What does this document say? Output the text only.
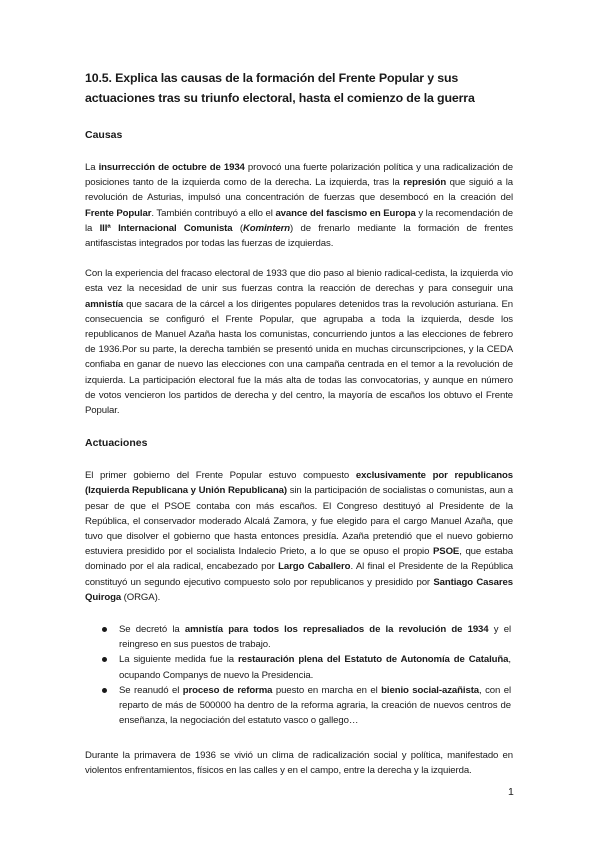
10.5. Explica las causas de la formación del Frente Popular y sus actuaciones tras su triunfo electoral, hasta el comienzo de la guerra
Causas

La insurrección de octubre de 1934 provocó una fuerte polarización política y una radicalización de posiciones tanto de la izquierda como de la derecha. La izquierda, tras la represión que siguió a la revolución de Asturias, impulsó una concentración de fuerzas que desembocó en la creación del Frente Popular. También contribuyó a ello el avance del fascismo en Europa y la recomendación de la IIIª Internacional Comunista (Komintern) de frenarlo mediante la formación de frentes antifascistas integrados por todas las fuerzas de izquierdas.

Con la experiencia del fracaso electoral de 1933 que dio paso al bienio radical-cedista, la izquierda vio esta vez la necesidad de unir sus fuerzas contra la reacción de derechas y para conseguir una amnistía que sacara de la cárcel a los dirigentes populares detenidos tras la revolución asturiana. En consecuencia se configuró el Frente Popular, que agrupaba a toda la izquierda, desde los republicanos de Manuel Azaña hasta los comunistas, concurriendo juntos a las elecciones de febrero de 1936.Por su parte, la derecha también se presentó unida en muchas circunscripciones, y la CEDA confiaba en ganar de nuevo las elecciones con una campaña centrada en el temor a la revolución de izquierda. La participación electoral fue la más alta de todas las convocatorias, y aunque en número de votos vencieron los partidos de derecha y del centro, la mayoría de escaños los obtuvo el Frente Popular.

Actuaciones

El primer gobierno del Frente Popular estuvo compuesto exclusivamente por republicanos (Izquierda Republicana y Unión Republicana) sin la participación de socialistas o comunistas, aun a pesar de que el PSOE contaba con más escaños. El Congreso destituyó al Presidente de la República, el conservador moderado Alcalá Zamora, y fue elegido para el cargo Manuel Azaña, que tuvo que disolver el gobierno que hasta entonces presidía. Azaña pretendió que el nuevo gobierno estuviera presidido por el socialista Indalecio Prieto, a lo que se opuso el propio PSOE, que estaba dominado por el ala radical, encabezado por Largo Caballero. Al final el Presidente de la República constituyó un segundo ejecutivo compuesto solo por republicanos y presidido por Santiago Casares Quiroga (ORGA).

Se decretó la amnistía para todos los represaliados de la revolución de 1934 y el reingreso en sus puestos de trabajo.
La siguiente medida fue la restauración plena del Estatuto de Autonomía de Cataluña, ocupando Companys de nuevo la Presidencia.
Se reanudó el proceso de reforma puesto en marcha en el bienio social-azañista, con el reparto de más de 500000 ha dentro de la reforma agraria, la creación de nuevos centros de enseñanza, la negociación del estatuto vasco o gallego…

Durante la primavera de 1936 se vivió un clima de radicalización social y política, manifestado en violentos enfrentamientos, físicos en las calles y en el campo, entre la derecha y la izquierda.

1
